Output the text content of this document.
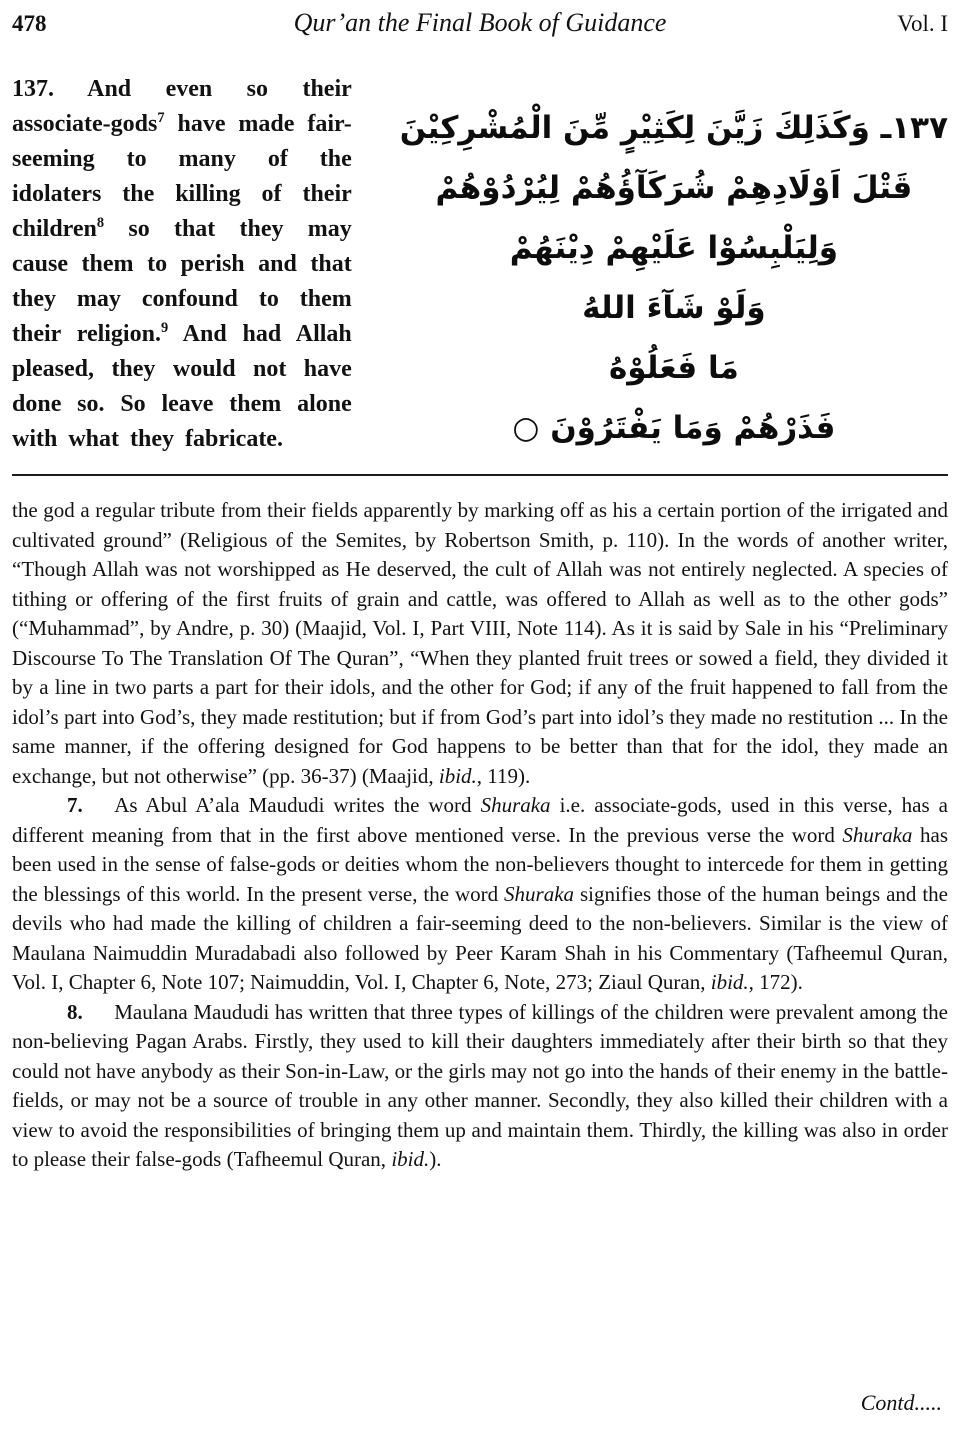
478	Qur’an the Final Book of Guidance	Vol. I
137. And even so their associate-gods$^7$ have made fair-seeming to many of the idolaters the killing of their children$^8$ so that they may cause them to perish and that they may confound to them their religion.$^9$ And had Allah pleased, they would not have done so. So leave them alone with what they fabricate.
١٣٧ـ وَكَذَلِكَ زَيَّنَ لِكَثِيْرٍ مِّنَ الْمُشْرِكِيْنَ
قَتْلَ اَوْلَادِهِمْ شُرَكَآؤُهُمْ لِيُرْدُوْهُمْ
وَلِيَلْبِسُوْا عَلَيْهِمْ دِيْنَهُمْ
وَلَوْ شَآءَ اللهُ
مَا فَعَلُوْهُ
فَذَرْهُمْ وَمَا يَفْتَرُوْنَ ○

the god a regular tribute from their fields apparently by marking off as his a certain portion of the irrigated and cultivated ground” (Religious of the Semites, by Robertson Smith, p. 110). In the words of another writer, “Though Allah was not worshipped as He deserved, the cult of Allah was not entirely neglected. A species of tithing or offering of the first fruits of grain and cattle, was offered to Allah as well as to the other gods” (“Muhammad”, by Andre, p. 30) (Maajid, Vol. I, Part VIII, Note 114). As it is said by Sale in his “Preliminary Discourse To The Translation Of The Quran”, “When they planted fruit trees or sowed a field, they divided it by a line in two parts a part for their idols, and the other for God; if any of the fruit happened to fall from the idol’s part into God’s, they made restitution; but if from God’s part into idol’s they made no restitution ... In the same manner, if the offering designed for God happens to be better than that for the idol, they made an exchange, but not otherwise” (pp. 36-37) (Maajid, ibid., 119).

7.  As Abul A’ala Maududi writes the word Shuraka i.e. associate-gods, used in this verse, has a different meaning from that in the first above mentioned verse. In the previous verse the word Shuraka has been used in the sense of false-gods or deities whom the non-believers thought to intercede for them in getting the blessings of this world. In the present verse, the word Shuraka signifies those of the human beings and the devils who had made the killing of children a fair-seeming deed to the non-believers. Similar is the view of Maulana Naimuddin Muradabadi also followed by Peer Karam Shah in his Commentary (Tafheemul Quran, Vol. I, Chapter 6, Note 107; Naimuddin, Vol. I, Chapter 6, Note, 273; Ziaul Quran, ibid., 172).

8.  Maulana Maududi has written that three types of killings of the children were prevalent among the non-believing Pagan Arabs. Firstly, they used to kill their daughters immediately after their birth so that they could not have anybody as their Son-in-Law, or the girls may not go into the hands of their enemy in the battle-fields, or may not be a source of trouble in any other manner. Secondly, they also killed their children with a view to avoid the responsibilities of bringing them up and maintain them. Thirdly, the killing was also in order to please their false-gods (Tafheemul Quran, ibid.).

Contd.....
